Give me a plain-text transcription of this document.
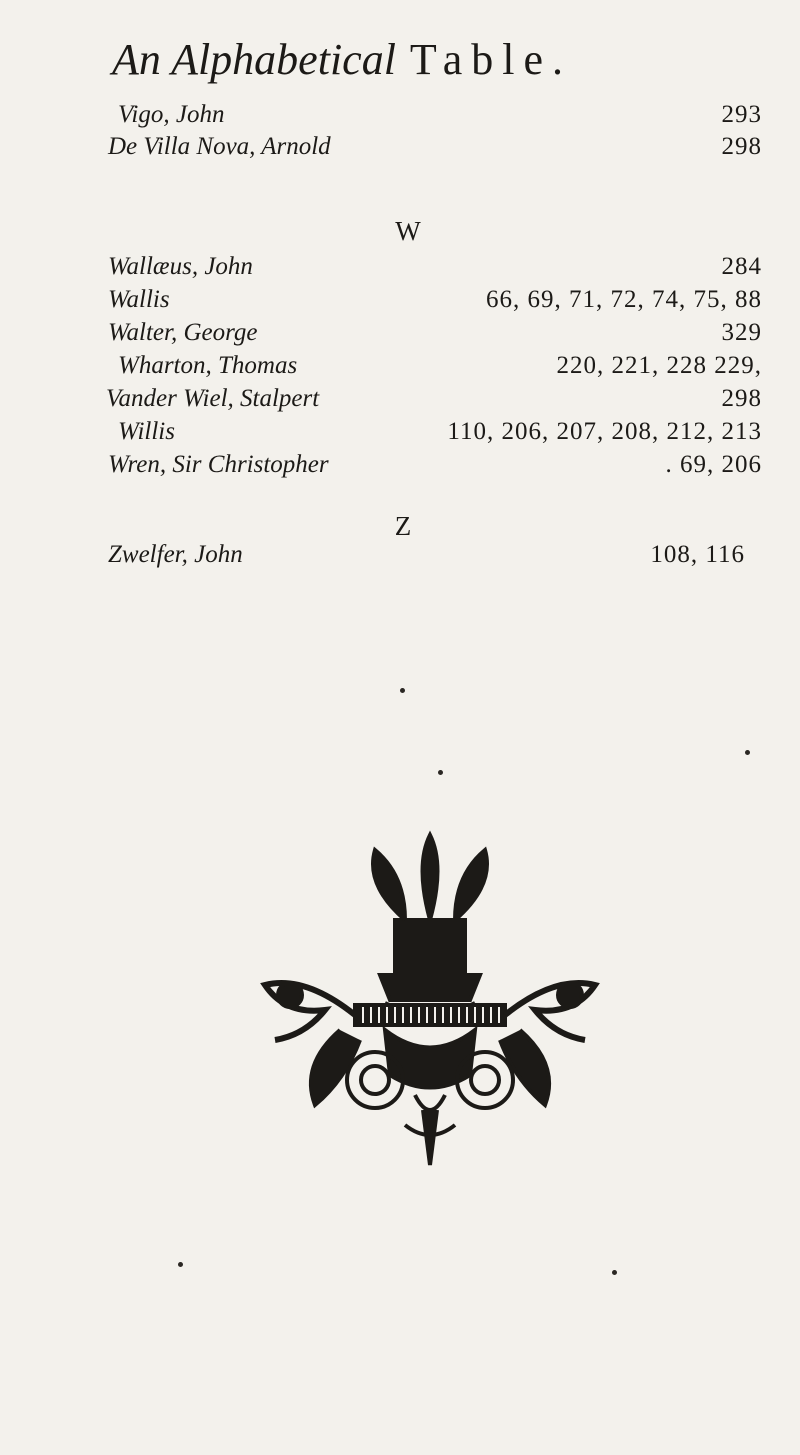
An Alphabetical Table.
Vigo, John	293
De Villa Nova, Arnold	298
W
Wallæus, John	284
Wallis	66, 69, 71, 72, 74, 75, 88
Walter, George	329
Wharton, Thomas	220, 221, 228 229,
Vander Wiel, Stalpert	298
Willis	110, 206, 207, 208, 212, 213
Wren, Sir Christopher	. 69, 206
Z
Zwelfer, John	108, 116
